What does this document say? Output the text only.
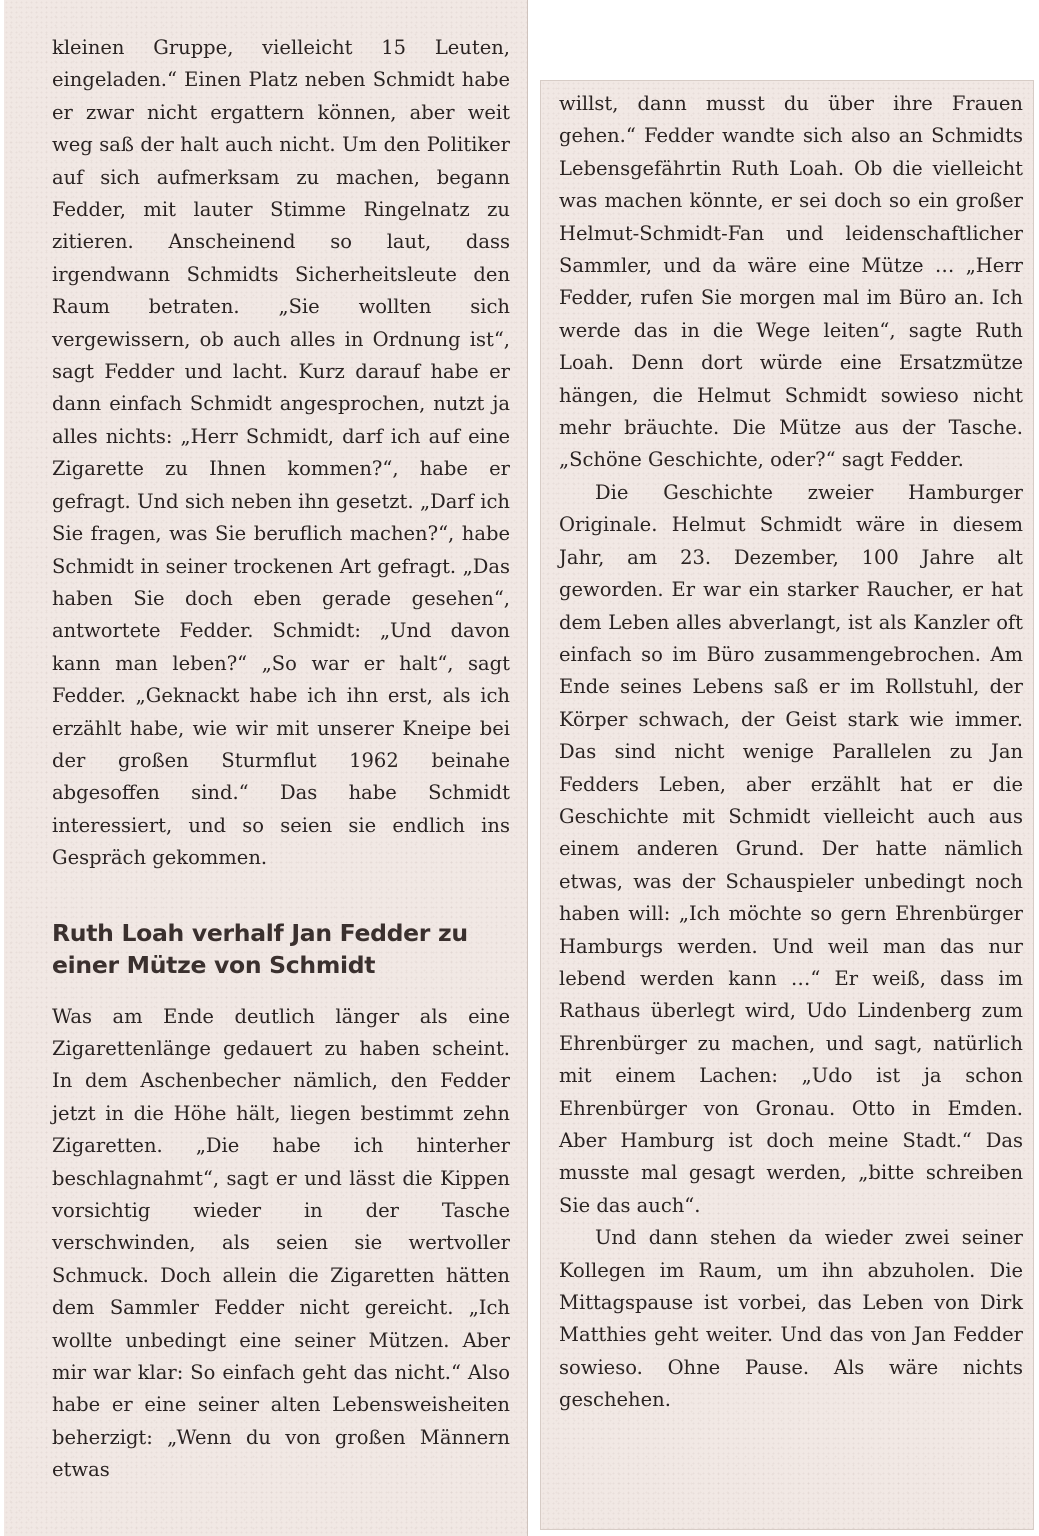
kleinen Gruppe, vielleicht 15 Leuten, eingeladen.“ Einen Platz neben Schmidt habe er zwar nicht ergattern können, aber weit weg saß der halt auch nicht. Um den Politiker auf sich aufmerksam zu machen, begann Fedder, mit lauter Stimme Ringelnatz zu zitieren. Anscheinend so laut, dass irgendwann Schmidts Sicherheitsleute den Raum betraten. „Sie wollten sich vergewissern, ob auch alles in Ordnung ist“, sagt Fedder und lacht. Kurz darauf habe er dann einfach Schmidt angesprochen, nutzt ja alles nichts: „Herr Schmidt, darf ich auf eine Zigarette zu Ihnen kommen?“, habe er gefragt. Und sich neben ihn gesetzt. „Darf ich Sie fragen, was Sie beruflich machen?“, habe Schmidt in seiner trockenen Art gefragt. „Das haben Sie doch eben gerade gesehen“, antwortete Fedder. Schmidt: „Und davon kann man leben?“ „So war er halt“, sagt Fedder. „Geknackt habe ich ihn erst, als ich erzählt habe, wie wir mit unserer Kneipe bei der großen Sturmflut 1962 beinahe abgesoffen sind.“ Das habe Schmidt interessiert, und so seien sie endlich ins Gespräch gekommen.

Ruth Loah verhalf Jan Fedder zu einer Mütze von Schmidt

Was am Ende deutlich länger als eine Zigarettenlänge gedauert zu haben scheint. In dem Aschenbecher nämlich, den Fedder jetzt in die Höhe hält, liegen bestimmt zehn Zigaretten. „Die habe ich hinterher beschlagnahmt“, sagt er und lässt die Kippen vorsichtig wieder in der Tasche verschwinden, als seien sie wertvoller Schmuck. Doch allein die Zigaretten hätten dem Sammler Fedder nicht gereicht. „Ich wollte unbedingt eine seiner Mützen. Aber mir war klar: So einfach geht das nicht.“ Also habe er eine seiner alten Lebensweisheiten beherzigt: „Wenn du von großen Männern etwas

willst, dann musst du über ihre Frauen gehen.“ Fedder wandte sich also an Schmidts Lebensgefährtin Ruth Loah. Ob die vielleicht was machen könnte, er sei doch so ein großer Helmut-Schmidt-Fan und leidenschaftlicher Sammler, und da wäre eine Mütze … „Herr Fedder, rufen Sie morgen mal im Büro an. Ich werde das in die Wege leiten“, sagte Ruth Loah. Denn dort würde eine Ersatzmütze hängen, die Helmut Schmidt sowieso nicht mehr bräuchte. Die Mütze aus der Tasche. „Schöne Geschichte, oder?“ sagt Fedder.

Die Geschichte zweier Hamburger Originale. Helmut Schmidt wäre in diesem Jahr, am 23. Dezember, 100 Jahre alt geworden. Er war ein starker Raucher, er hat dem Leben alles abverlangt, ist als Kanzler oft einfach so im Büro zusammengebrochen. Am Ende seines Lebens saß er im Rollstuhl, der Körper schwach, der Geist stark wie immer. Das sind nicht wenige Parallelen zu Jan Fedders Leben, aber erzählt hat er die Geschichte mit Schmidt vielleicht auch aus einem anderen Grund. Der hatte nämlich etwas, was der Schauspieler unbedingt noch haben will: „Ich möchte so gern Ehrenbürger Hamburgs werden. Und weil man das nur lebend werden kann …“ Er weiß, dass im Rathaus überlegt wird, Udo Lindenberg zum Ehrenbürger zu machen, und sagt, natürlich mit einem Lachen: „Udo ist ja schon Ehrenbürger von Gronau. Otto in Emden. Aber Hamburg ist doch meine Stadt.“ Das musste mal gesagt werden, „bitte schreiben Sie das auch“.

Und dann stehen da wieder zwei seiner Kollegen im Raum, um ihn abzuholen. Die Mittagspause ist vorbei, das Leben von Dirk Matthies geht weiter. Und das von Jan Fedder sowieso. Ohne Pause. Als wäre nichts geschehen.
